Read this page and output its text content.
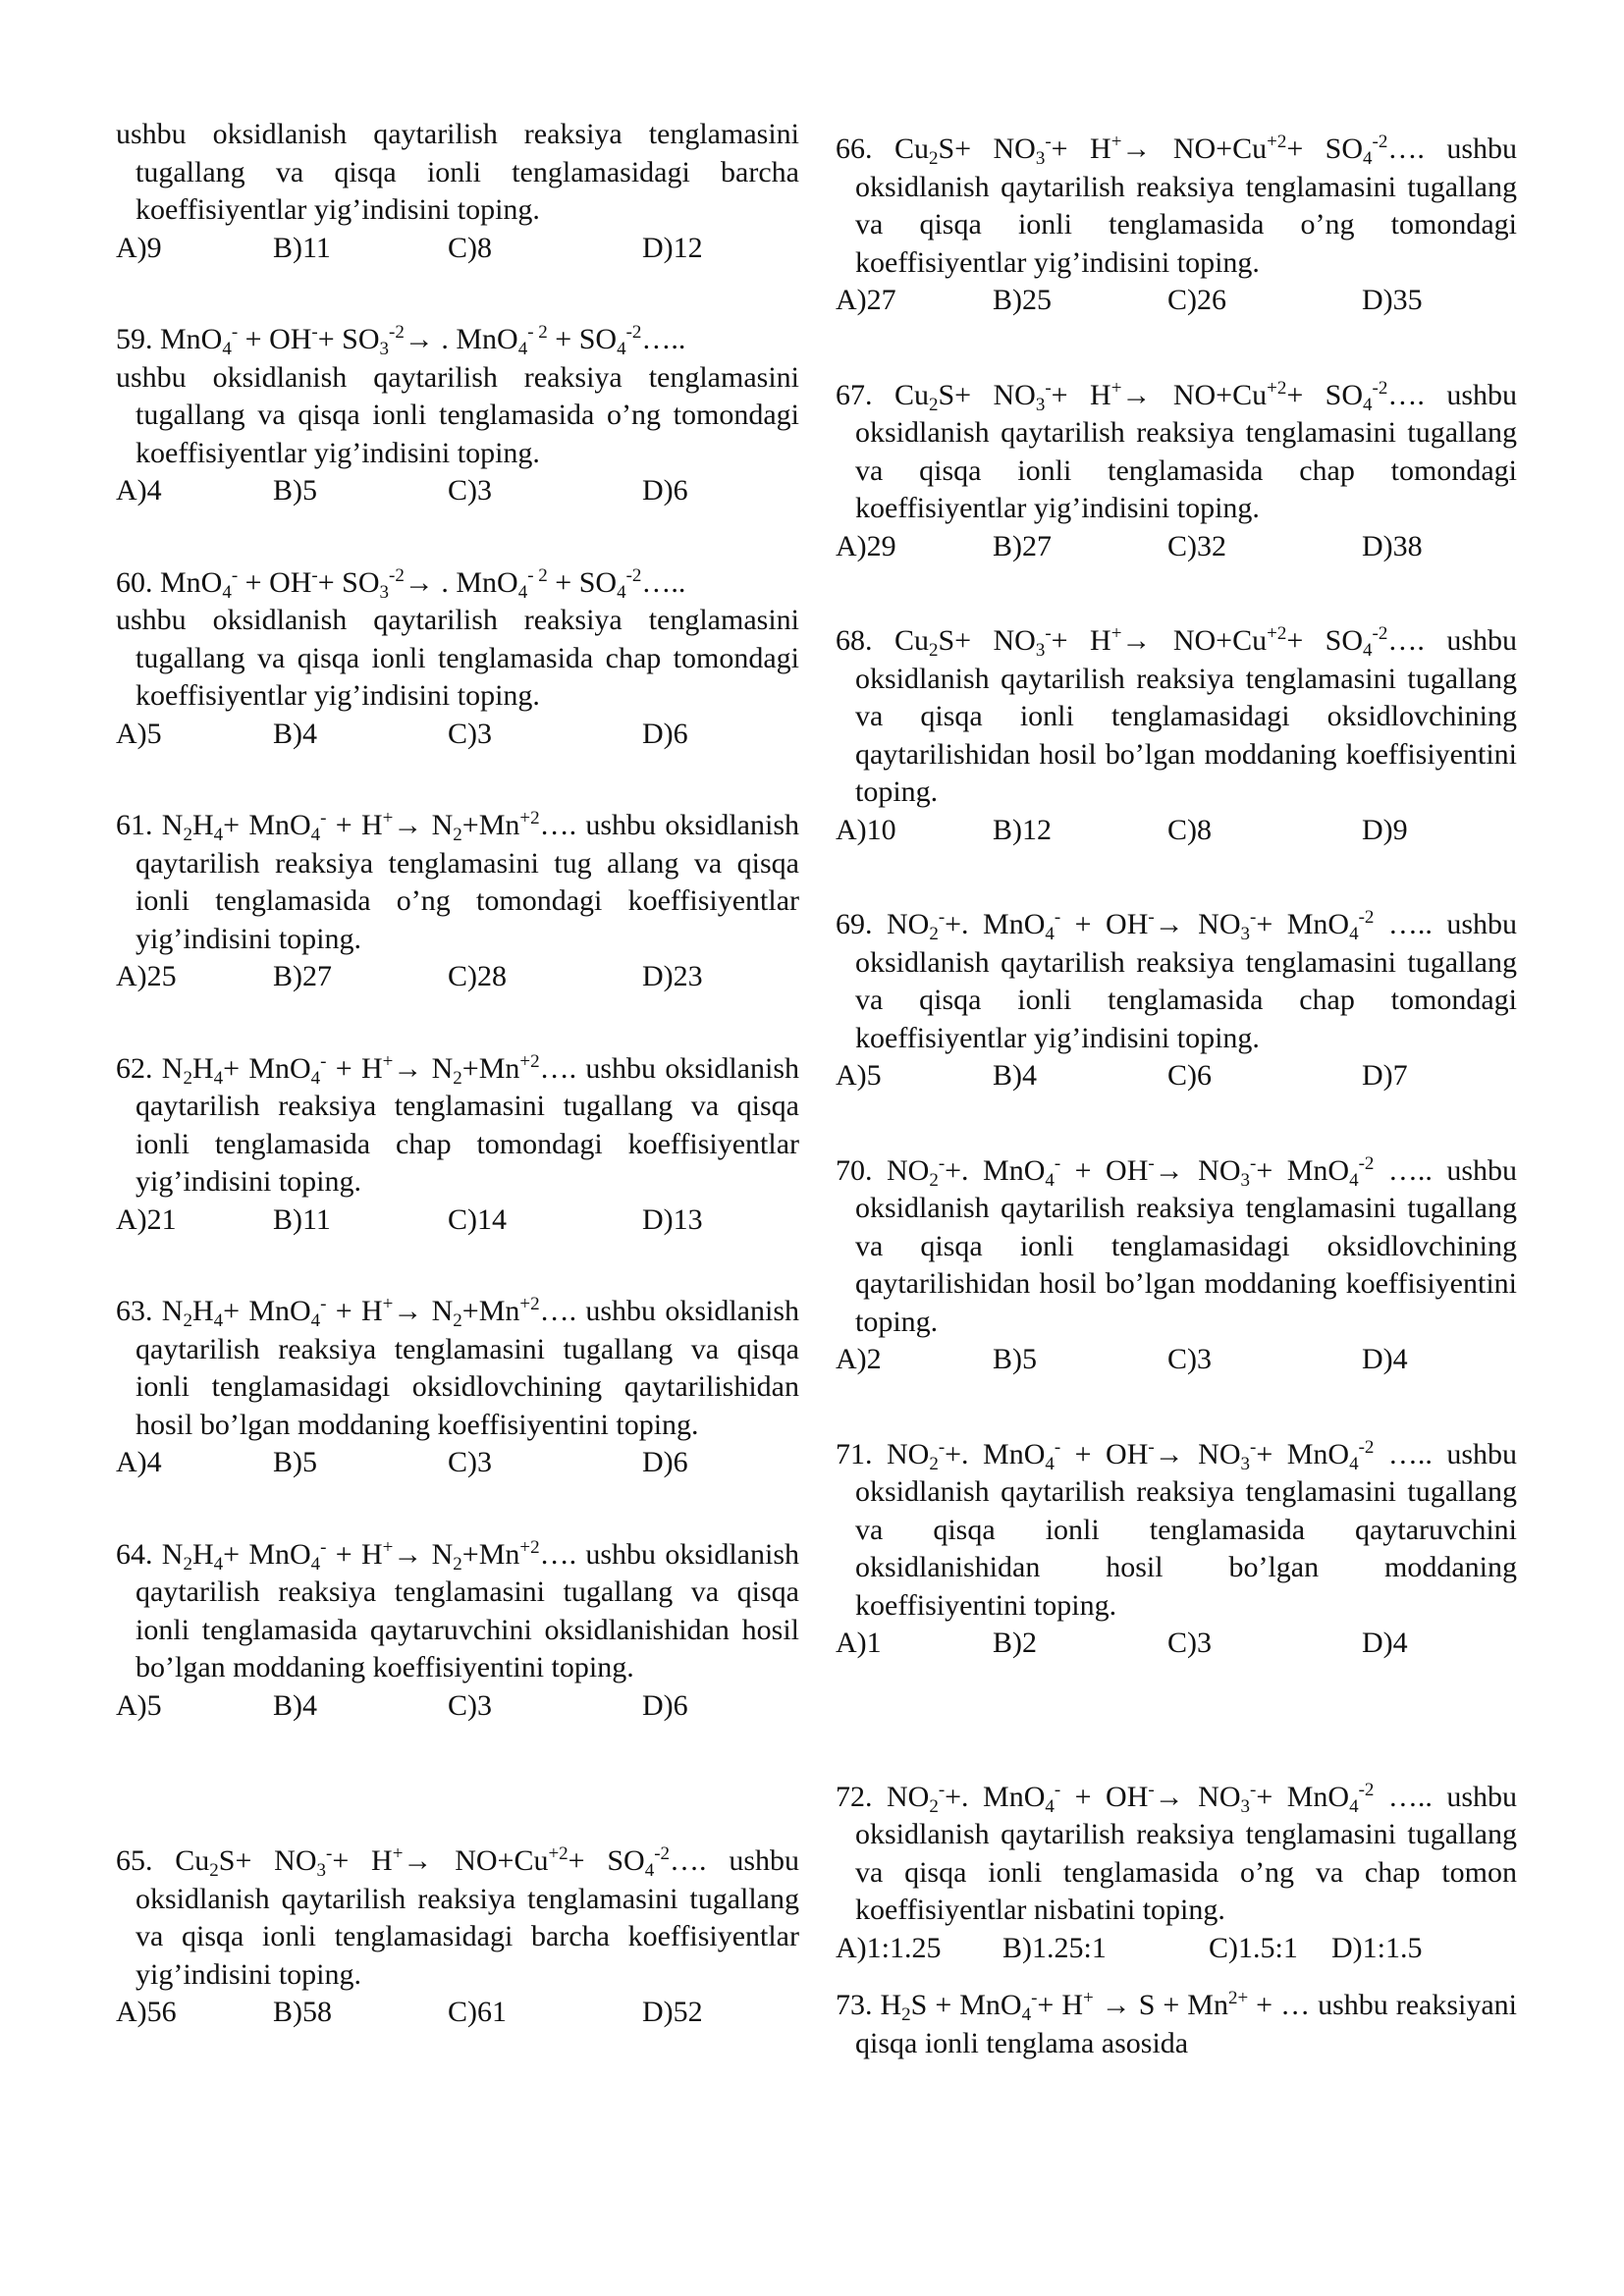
ushbu oksidlanish qaytarilish reaksiya tenglamasini tugallang va qisqa ionli tenglamasidagi barcha koeffisiyentlar yig’indisini toping.

A)9	B)11	C)8	D)12

59. $MnO_4^- + OH^-+ SO_3^{-2}\to$ . $MnO_4^{- 2} + SO_4^{-2}\dots$..

ushbu oksidlanish qaytarilish reaksiya tenglamasini tugallang va qisqa ionli tenglamasida o’ng tomondagi koeffisiyentlar yig’indisini toping.

A)4	B)5	C)3	D)6

60. $MnO_4^- + OH^-+ SO_3^{-2}\to$ . $MnO_4^{- 2} + SO_4^{-2}\dots$..

ushbu oksidlanish qaytarilish reaksiya tenglamasini tugallang va qisqa ionli tenglamasida chap tomondagi koeffisiyentlar yig’indisini toping.

A)5	B)4	C)3	D)6

61. $N_2H_4+ MnO_4^- + H^+\to$ $N_2+Mn^{+2}\dots$. ushbu oksidlanish qaytarilish reaksiya tenglamasini tug allang va qisqa ionli tenglamasida o’ng tomondagi koeffisiyentlar yig’indisini toping.

A)25	B)27	C)28	D)23

62. $N_2H_4+ MnO_4^- + H^+\to$ $N_2+Mn^{+2}\dots$. ushbu oksidlanish qaytarilish reaksiya tenglamasini tugallang va qisqa ionli tenglamasida chap tomondagi koeffisiyentlar yig’indisini toping.

A)21	B)11	C)14	D)13

63. $N_2H_4+ MnO_4^- + H^+\to$ $N_2+Mn^{+2}\dots$. ushbu oksidlanish qaytarilish reaksiya tenglamasini tugallang va qisqa ionli tenglamasidagi oksidlovchining qaytarilishidan hosil bo’lgan moddaning koeffisiyentini toping.

A)4	B)5	C)3	D)6

64. $N_2H_4+ MnO_4^- + H^+\to$ $N_2+Mn^{+2}\dots$. ushbu oksidlanish qaytarilish reaksiya tenglamasini tugallang va qisqa ionli tenglamasida qaytaruvchini oksidlanishidan hosil bo’lgan moddaning koeffisiyentini toping.

A)5	B)4	C)3	D)6

65. $Cu_2S+ NO_3^-+ H^+\to NO+Cu^{+2}+$ $SO_4^{-2}\dots$. ushbu oksidlanish qaytarilish reaksiya tenglamasini tugallang va qisqa ionli tenglamasidagi barcha koeffisiyentlar yig’indisini toping.

A)56	B)58	C)61	D)52

66. $Cu_2S+ NO_3^-+ H^+\to NO+Cu^{+2}+$ $SO_4^{-2}\dots$. ushbu oksidlanish qaytarilish reaksiya tenglamasini tugallang va qisqa ionli tenglamasida o’ng tomondagi koeffisiyentlar yig’indisini toping.

A)27	B)25	C)26	D)35

67. $Cu_2S+ NO_3^-+ H^+\to NO+Cu^{+2}+$ $SO_4^{-2}\dots$. ushbu oksidlanish qaytarilish reaksiya tenglamasini tugallang va qisqa ionli tenglamasida chap tomondagi koeffisiyentlar yig’indisini toping.

A)29	B)27	C)32	D)38

68. $Cu_2S+ NO_3^-+ H^+\to NO+Cu^{+2}+$ $SO_4^{-2}\dots$. ushbu oksidlanish qaytarilish reaksiya tenglamasini tugallang va qisqa ionli tenglamasidagi oksidlovchining qaytarilishidan hosil bo’lgan moddaning koeffisiyentini toping.

A)10	B)12	C)8	D)9

69. $NO_2^-+$. $MnO_4^- + OH^-\to NO_3^-+ MnO_4^{-2}$ ….. ushbu oksidlanish qaytarilish reaksiya tenglamasini tugallang va qisqa ionli tenglamasida chap tomondagi koeffisiyentlar yig’indisini toping.

A)5	B)4	C)6	D)7

70. $NO_2^-+$. $MnO_4^- + OH^-\to NO_3^-+ MnO_4^{-2}$ ….. ushbu oksidlanish qaytarilish reaksiya tenglamasini tugallang va qisqa ionli tenglamasidagi oksidlovchining qaytarilishidan hosil bo’lgan moddaning koeffisiyentini toping.

A)2	B)5	C)3	D)4

71. $NO_2^-+$. $MnO_4^- + OH^-\to NO_3^-+ MnO_4^{-2}$ ….. ushbu oksidlanish qaytarilish reaksiya tenglamasini tugallang va qisqa ionli tenglamasida qaytaruvchini oksidlanishidan hosil bo’lgan moddaning koeffisiyentini toping.

A)1	B)2	C)3	D)4

72. $NO_2^-+$. $MnO_4^- + OH^-\to NO_3^-+ MnO_4^{-2}$ ….. ushbu oksidlanish qaytarilish reaksiya tenglamasini tugallang va qisqa ionli tenglamasida o’ng va chap tomon koeffisiyentlar nisbatini toping.

A)1:1.25	B)1.25:1	C)1.5:1	D)1:1.5

73. $H_2S + MnO_4^-+ H^+ \to S + Mn^{2+}$ + … ushbu reaksiyani qisqa ionli tenglama asosida
